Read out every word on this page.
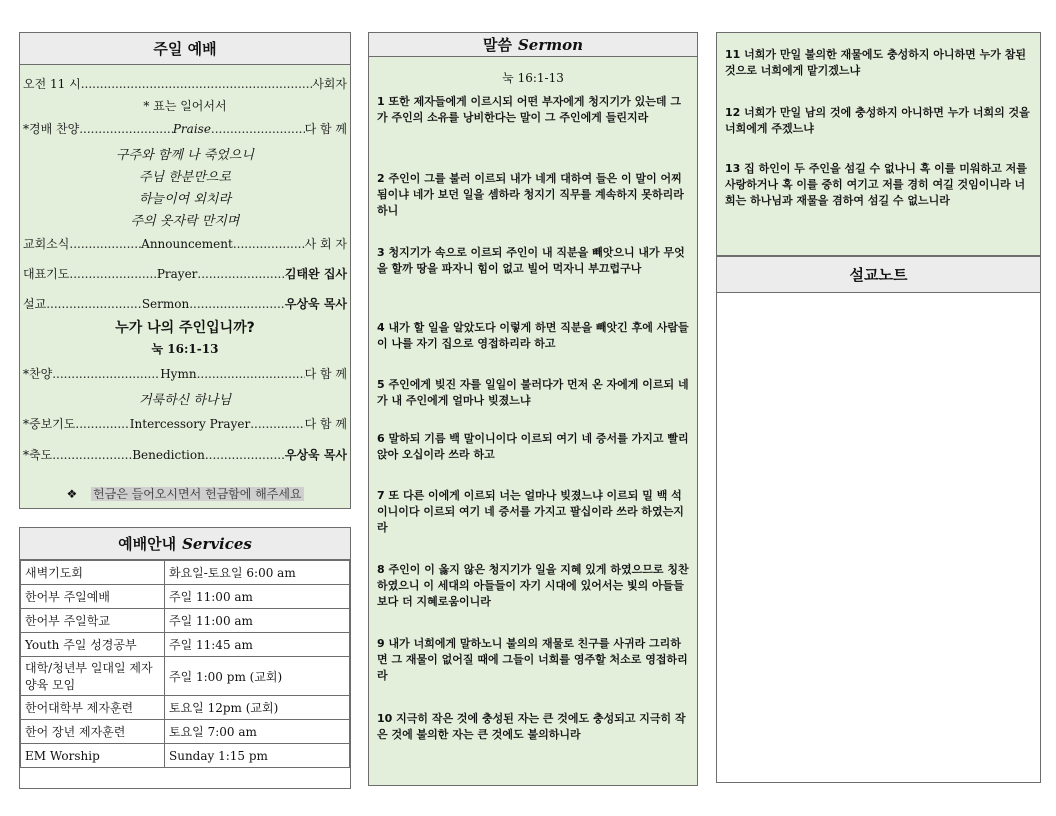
주일 예배
오전 11 시 .....	사회자
* 표는 일어서서
*경배 찬양 .....	Praise .....	다 함 께
구주와 함께 나 죽었으니
주님 한분만으로
하늘이여 외치라
주의 옷자락 만지며
교회소식 .....	Announcement .....	사 회 자
대표기도 .....	Prayer .....	김태완 집사
설교 .....	Sermon .....	우상욱 목사
누가 나의 주인입니까?
눅 16:1-13
*찬양 .....	Hymn .....	다 함 께
거룩하신 하나님
*중보기도 .....	Intercessory Prayer .....	다 함 께
*축도 .....	Benediction .....	우상욱 목사
❖ 헌금은 들어오시면서 헌금함에 해주세요
예배안내 Services
새벽기도회	화요일-토요일 6:00 am
한어부 주일예배	주일 11:00 am
한어부 주일학교	주일 11:00 am
Youth 주일 성경공부	주일 11:45 am
대학/청년부 일대일 제자양육 모임	주일 1:00 pm (교회)
한어대학부 제자훈련	토요일 12pm (교회)
한어 장년 제자훈련	토요일 7:00 am
EM Worship	Sunday 1:15 pm
말씀 Sermon
눅 16:1-13
1 또한 제자들에게 이르시되 어떤 부자에게 청지기가 있는데 그가 주인의 소유를 낭비한다는 말이 그 주인에게 들린지라
2 주인이 그를 불러 이르되 내가 네게 대하여 들은 이 말이 어찌 됨이냐 네가 보던 일을 셈하라 청지기 직무를 계속하지 못하리라 하니
3 청지기가 속으로 이르되 주인이 내 직분을 빼앗으니 내가 무엇을 할까 땅을 파자니 힘이 없고 빌어 먹자니 부끄럽구나
4 내가 할 일을 알았도다 이렇게 하면 직분을 빼앗긴 후에 사람들이 나를 자기 집으로 영접하리라 하고
5 주인에게 빚진 자를 일일이 불러다가 먼저 온 자에게 이르되 네가 내 주인에게 얼마나 빚졌느냐
6 말하되 기름 백 말이니이다 이르되 여기 네 증서를 가지고 빨리 앉아 오십이라 쓰라 하고
7 또 다른 이에게 이르되 너는 얼마나 빚졌느냐 이르되 밀 백 석이니이다 이르되 여기 네 증서를 가지고 팔십이라 쓰라 하였는지라
8 주인이 이 옳지 않은 청지기가 일을 지혜 있게 하였으므로 칭찬하였으니 이 세대의 아들들이 자기 시대에 있어서는 빛의 아들들보다 더 지혜로움이니라
9 내가 너희에게 말하노니 불의의 재물로 친구를 사귀라 그리하면 그 재물이 없어질 때에 그들이 너희를 영주할 처소로 영접하리라
10 지극히 작은 것에 충성된 자는 큰 것에도 충성되고 지극히 작은 것에 불의한 자는 큰 것에도 불의하니라
11 너희가 만일 불의한 재물에도 충성하지 아니하면 누가 참된 것으로 너희에게 맡기겠느냐
12 너희가 만일 남의 것에 충성하지 아니하면 누가 너희의 것을 너희에게 주겠느냐
13 집 하인이 두 주인을 섬길 수 없나니 혹 이를 미워하고 저를 사랑하거나 혹 이를 중히 여기고 저를 경히 여길 것임이니라 너희는 하나님과 재물을 겸하여 섬길 수 없느니라
설교노트
